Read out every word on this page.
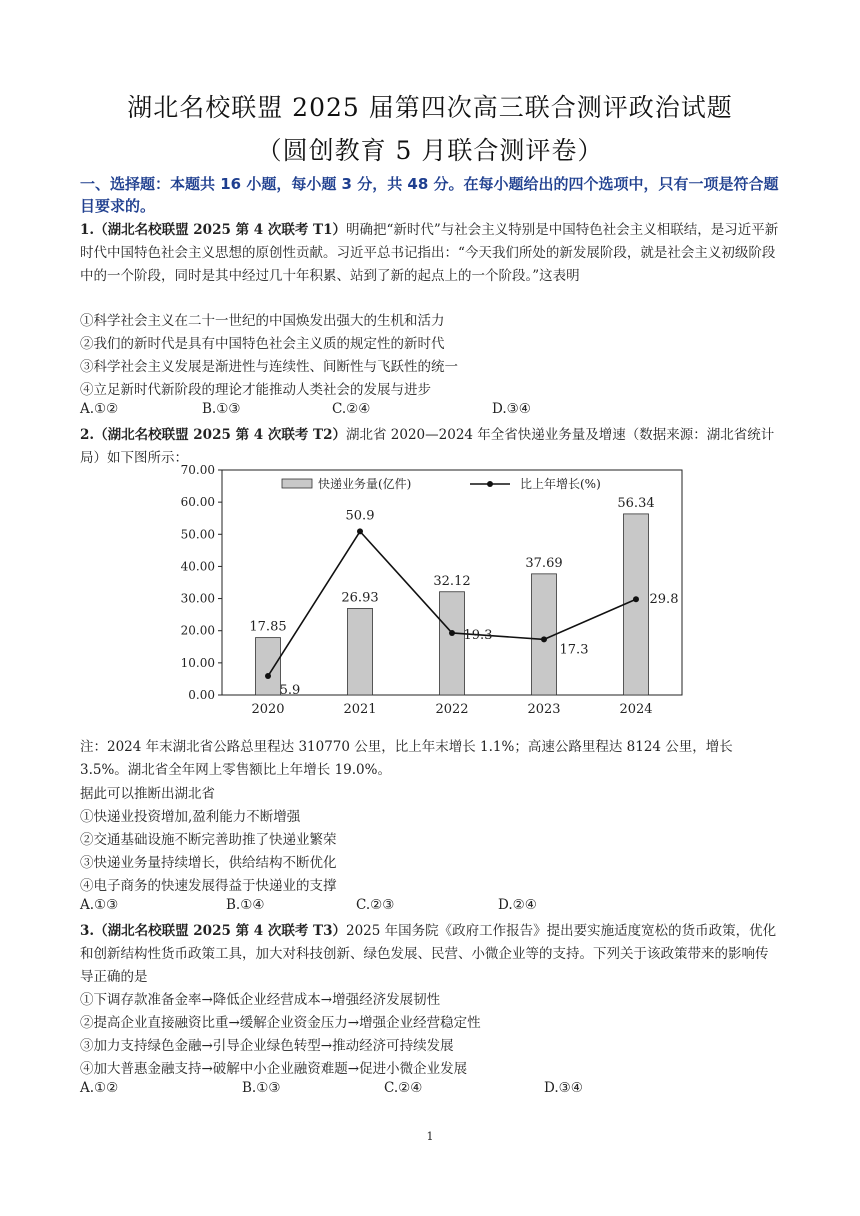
湖北名校联盟 2025 届第四次高三联合测评政治试题
（圆创教育 5 月联合测评卷）
一、选择题：本题共 16 小题，每小题 3 分，共 48 分。在每小题给出的四个选项中，只有一项是符合题目要求的。
1.（湖北名校联盟 2025 第 4 次联考 T1）明确把“新时代”与社会主义特别是中国特色社会主义相联结，是习近平新时代中国特色社会主义思想的原创性贡献。习近平总书记指出：“今天我们所处的新发展阶段，就是社会主义初级阶段中的一个阶段，同时是其中经过几十年积累、站到了新的起点上的一个阶段。”这表明
①科学社会主义在二十一世纪的中国焕发出强大的生机和活力
②我们的新时代是具有中国特色社会主义质的规定性的新时代
③科学社会主义发展是渐进性与连续性、间断性与飞跃性的统一
④立足新时代新阶段的理论才能推动人类社会的发展与进步
A.①②	B.①③	C.②④	D.③④
2.（湖北名校联盟 2025 第 4 次联考 T2）湖北省 2020—2024 年全省快递业务量及增速（数据来源：湖北省统计局）如下图所示：
0.00
10.00
20.00
30.00
40.00
50.00
60.00
70.00
快递业务量(亿件)	比上年增长(%)
17.85
26.93
32.12
37.69
56.34
5.9
50.9
19.3
17.3
29.8
2020	2021	2022	2023	2024
注：2024 年末湖北省公路总里程达 310770 公里，比上年末增长 1.1%；高速公路里程达 8124 公里，增长 3.5%。湖北省全年网上零售额比上年增长 19.0%。
据此可以推断出湖北省
①快递业投资增加,盈利能力不断增强
②交通基础设施不断完善助推了快递业繁荣
③快递业务量持续增长，供给结构不断优化
④电子商务的快速发展得益于快递业的支撑
A.①③	B.①④	C.②③	D.②④
3.（湖北名校联盟 2025 第 4 次联考 T3）2025 年国务院《政府工作报告》提出要实施适度宽松的货币政策，优化和创新结构性货币政策工具，加大对科技创新、绿色发展、民营、小微企业等的支持。下列关于该政策带来的影响传导正确的是
①下调存款准备金率→降低企业经营成本→增强经济发展韧性
②提高企业直接融资比重→缓解企业资金压力→增强企业经营稳定性
③加力支持绿色金融→引导企业绿色转型→推动经济可持续发展
④加大普惠金融支持→破解中小企业融资难题→促进小微企业发展
A.①②	B.①③	C.②④	D.③④
1
